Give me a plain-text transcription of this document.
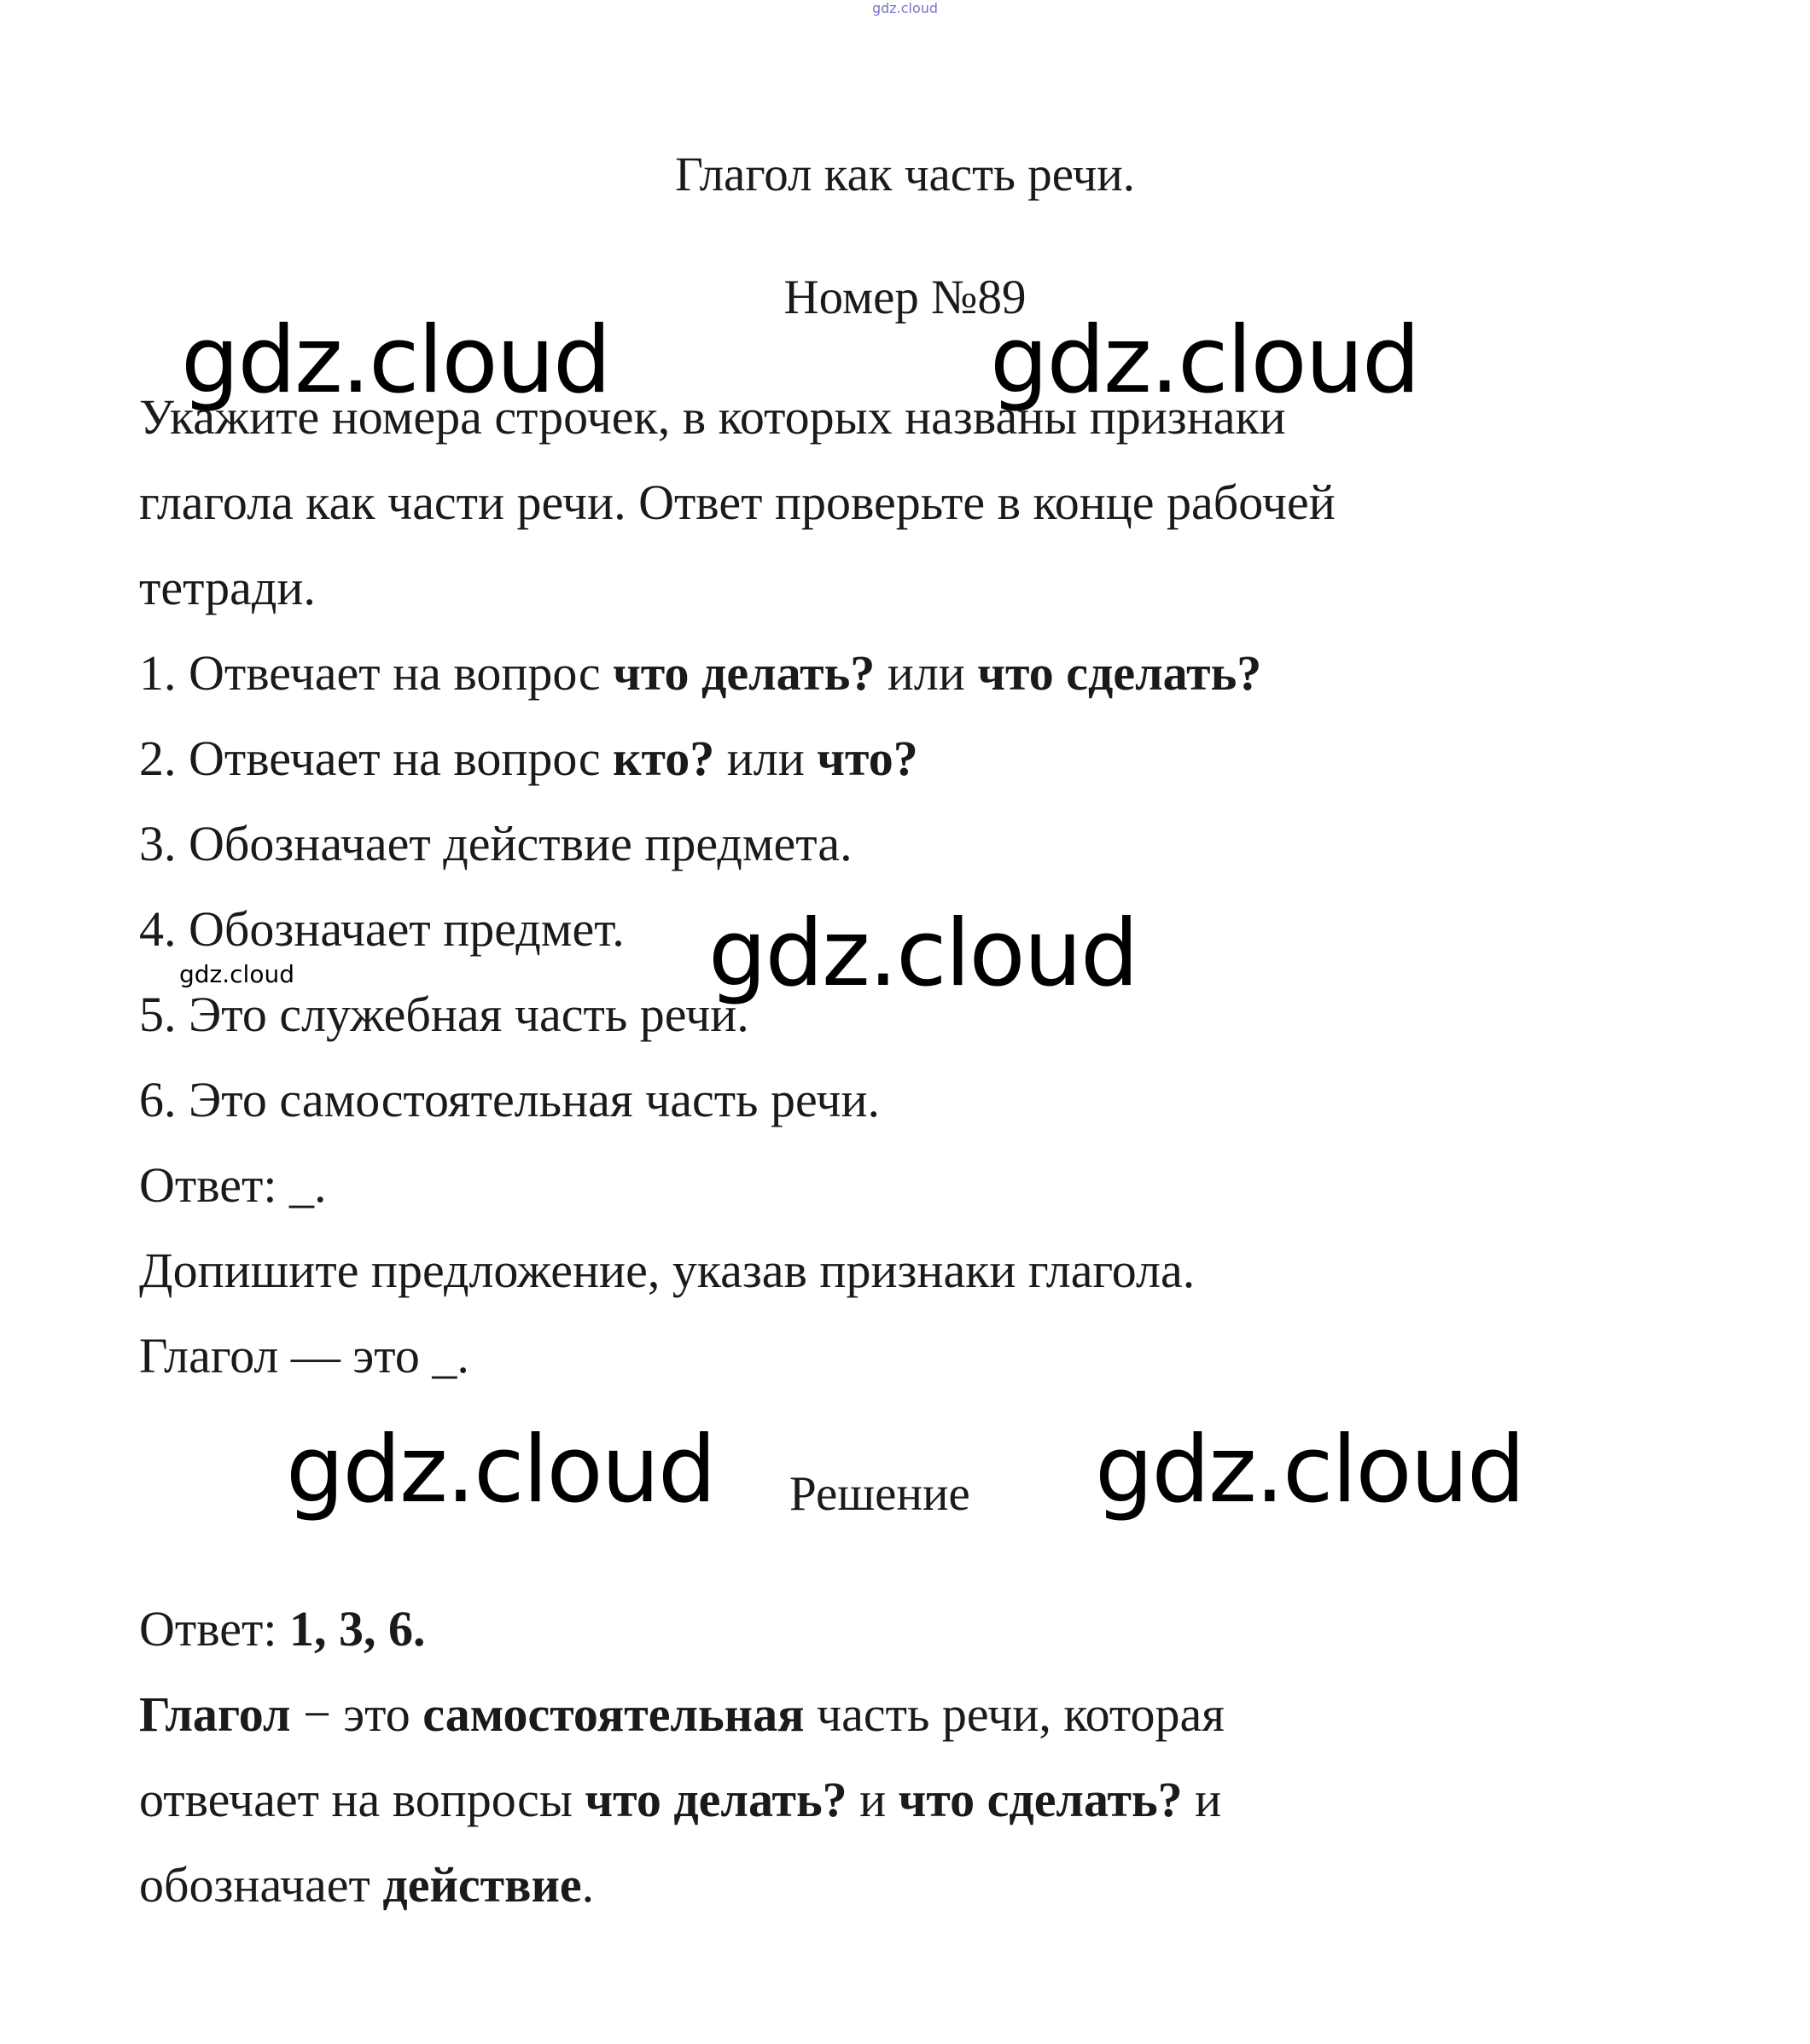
gdz.cloud
Глагол как часть речи.
Номер №89
gdz.cloud	gdz.cloud
Укажите номера строчек, в которых названы признаки
глагола как части речи. Ответ проверьте в конце рабочей
тетради.
1. Отвечает на вопрос что делать? или что сделать?
2. Отвечает на вопрос кто? или что?
3. Обозначает действие предмета.
4. Обозначает предмет. gdz.cloud
gdz.cloud
5. Это служебная часть речи.
6. Это самостоятельная часть речи.
Ответ: _.
Допишите предложение, указав признаки глагола.
Глагол — это _.
gdz.cloud Решение gdz.cloud
Ответ: 1, 3, 6.
Глагол − это самостоятельная часть речи, которая
отвечает на вопросы что делать? и что сделать? и
обозначает действие.
